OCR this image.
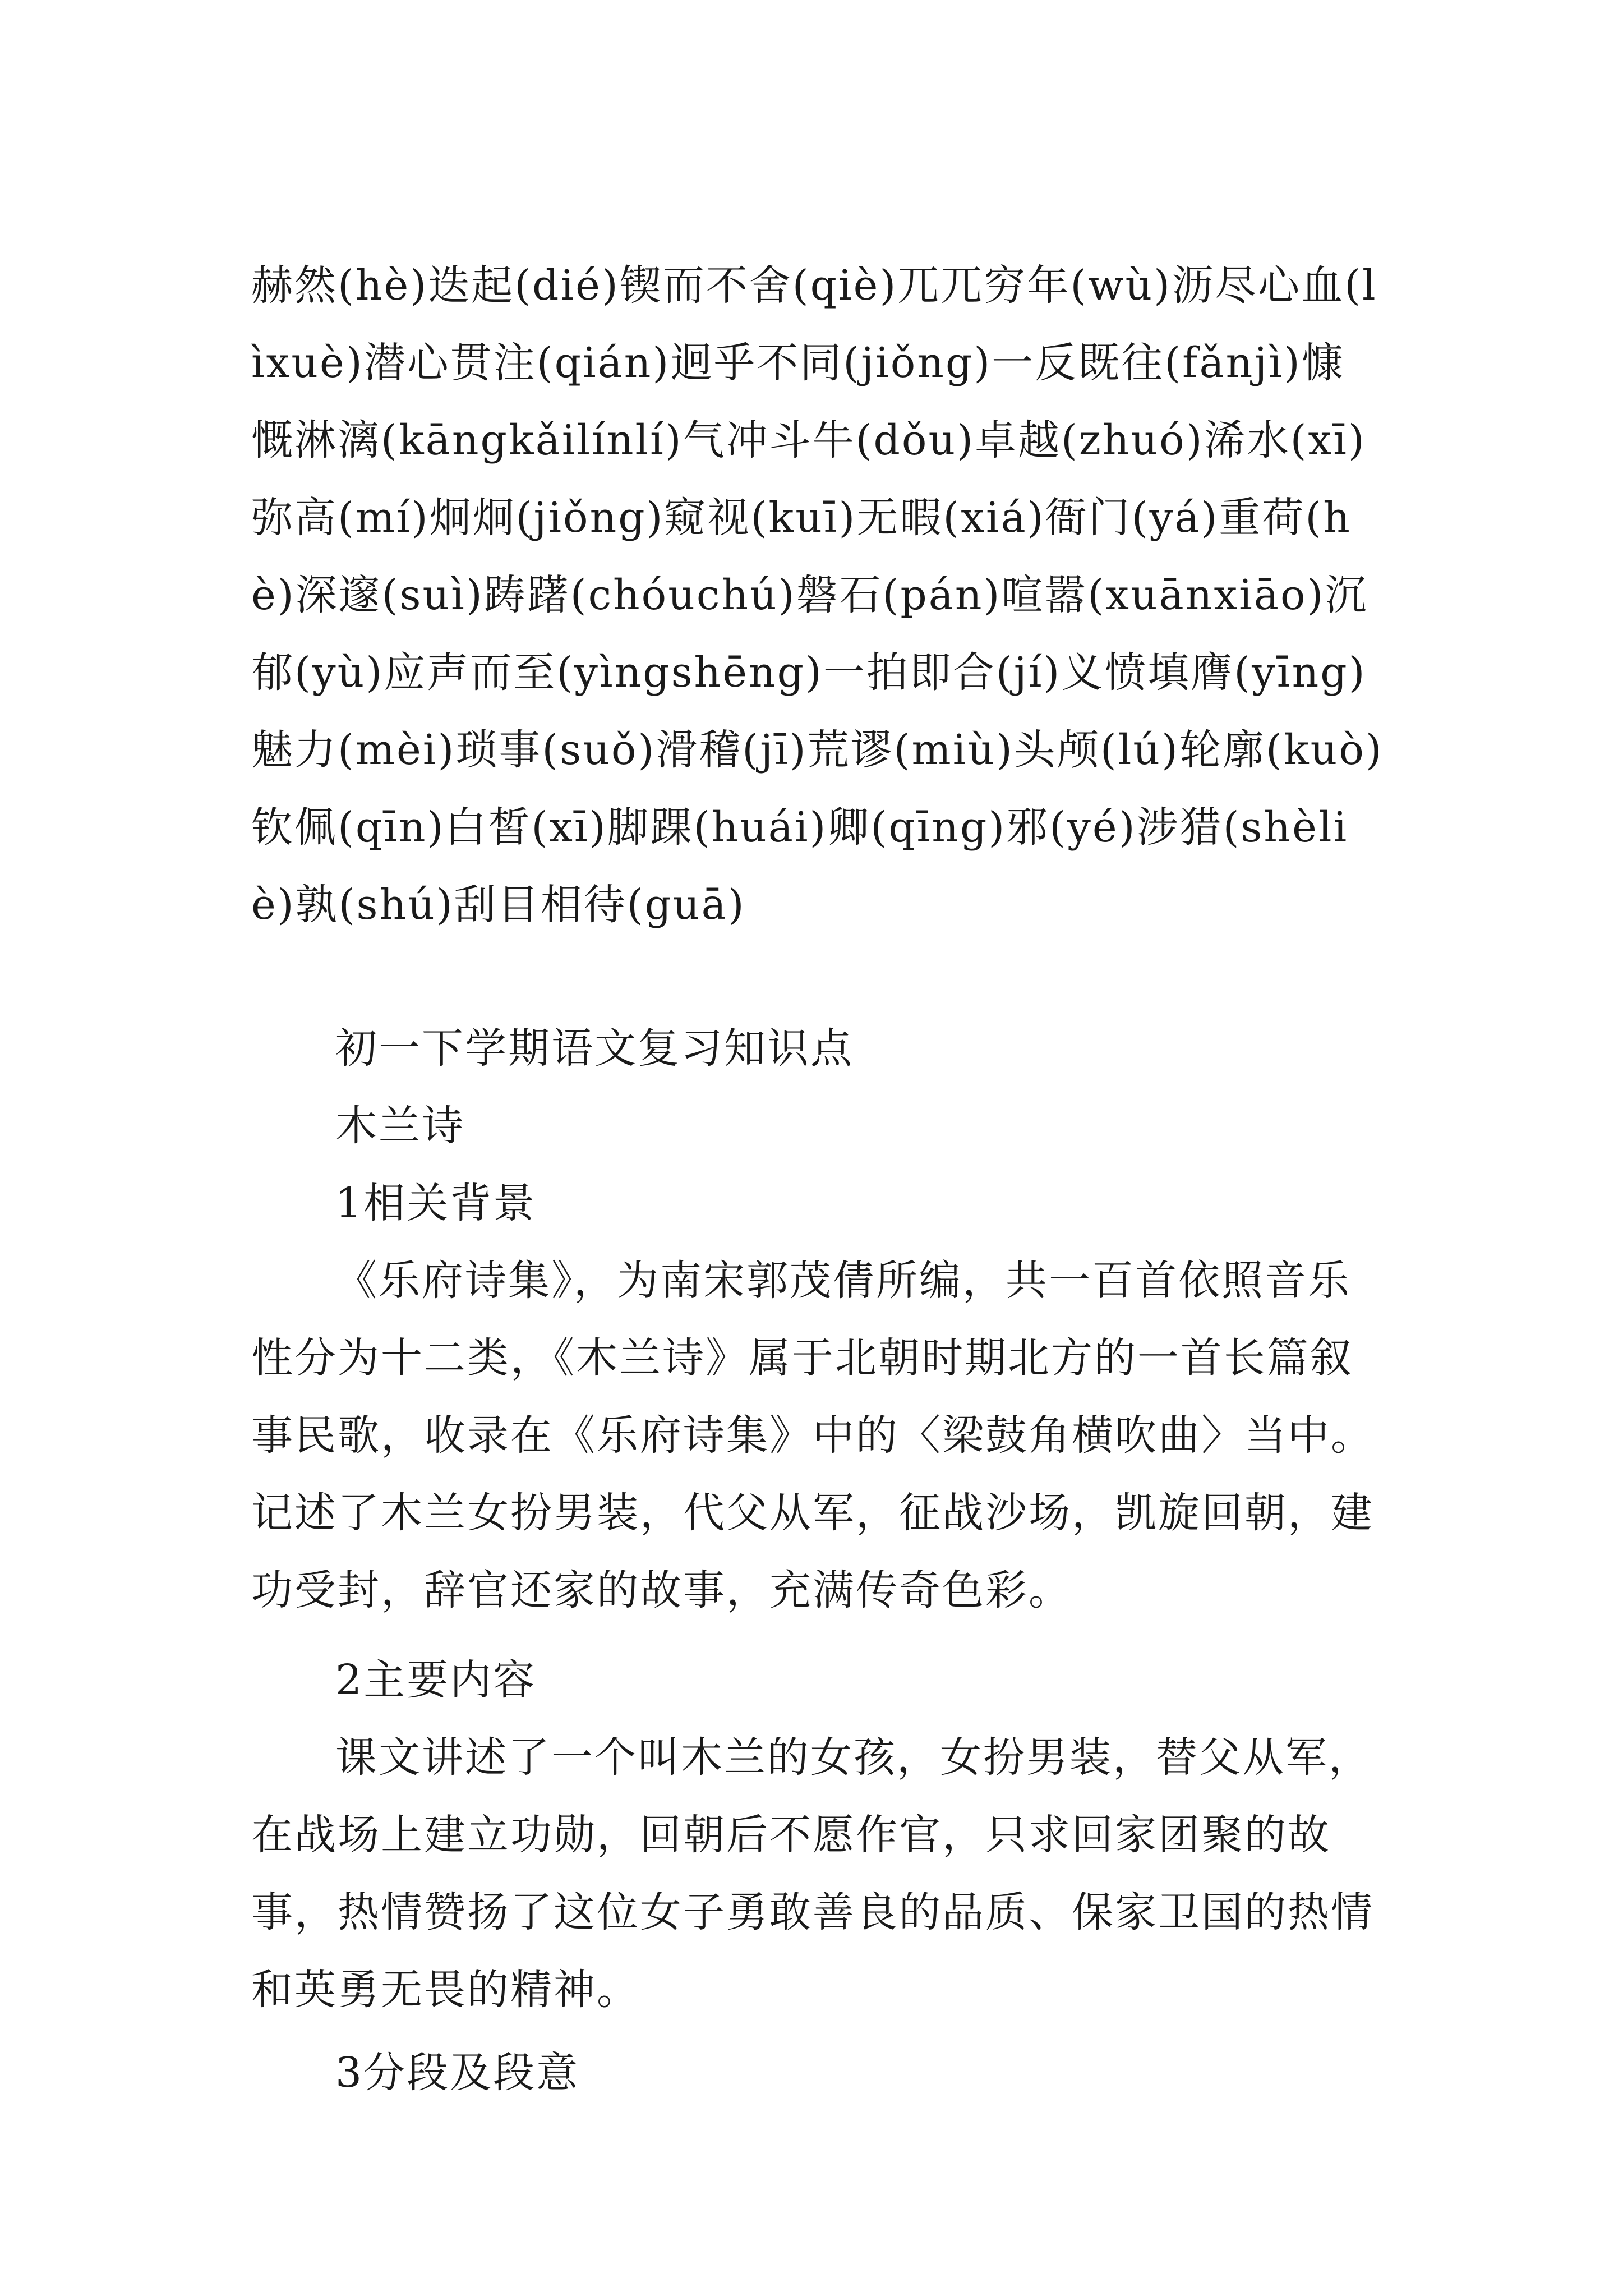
赫然(hè)迭起(dié)锲而不舍(qiè)兀兀穷年(wù)沥尽心血(lìxuè)潜心贯注(qián)迥乎不同(jiǒng)一反既往(fǎnjì)慷慨淋漓(kāngkǎilínlí)气冲斗牛(dǒu)卓越(zhuó)浠水(xī)弥高(mí)炯炯(jiǒng)窥视(kuī)无暇(xiá)衙门(yá)重荷(hè)深邃(suì)踌躇(chóuchú)磐石(pán)喧嚣(xuānxiāo)沉郁(yù)应声而至(yìngshēng)一拍即合(jí)义愤填膺(yīng)魅力(mèi)琐事(suǒ)滑稽(jī)荒谬(miù)头颅(lú)轮廓(kuò)钦佩(qīn)白皙(xī)脚踝(huái)卿(qīng)邪(yé)涉猎(shèliè)孰(shú)刮目相待(guā)

初一下学期语文复习知识点

木兰诗

1相关背景

《乐府诗集》，为南宋郭茂倩所编，共一百首依照音乐性分为十二类，《木兰诗》属于北朝时期北方的一首长篇叙事民歌，收录在《乐府诗集》中的〈梁鼓角横吹曲〉当中。记述了木兰女扮男装，代父从军，征战沙场，凯旋回朝，建功受封，辞官还家的故事，充满传奇色彩。

2主要内容

课文讲述了一个叫木兰的女孩，女扮男装，替父从军，在战场上建立功勋，回朝后不愿作官，只求回家团聚的故事，热情赞扬了这位女子勇敢善良的品质、保家卫国的热情和英勇无畏的精神。

3分段及段意
